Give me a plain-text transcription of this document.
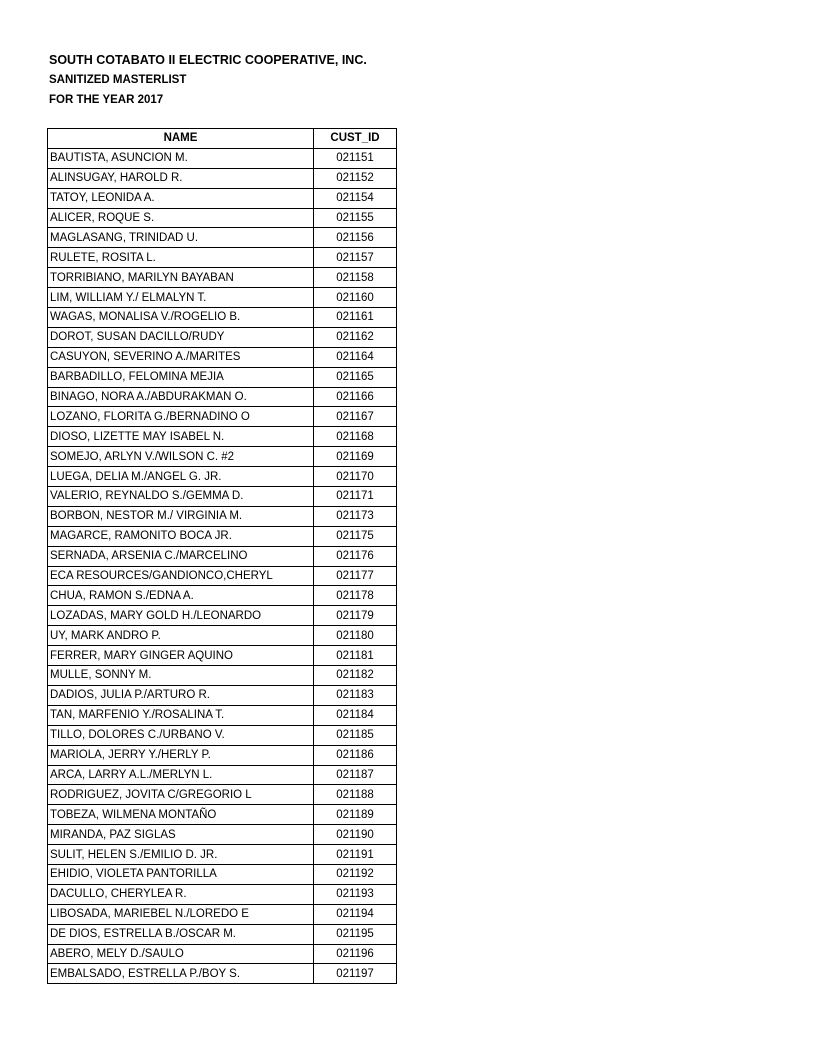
SOUTH COTABATO II ELECTRIC COOPERATIVE, INC.
SANITIZED MASTERLIST
FOR THE YEAR 2017
NAME	CUST_ID
BAUTISTA, ASUNCION M.	021151
ALINSUGAY, HAROLD R.	021152
TATOY, LEONIDA A.	021154
ALICER, ROQUE S.	021155
MAGLASANG, TRINIDAD U.	021156
RULETE, ROSITA L.	021157
TORRIBIANO, MARILYN BAYABAN	021158
LIM, WILLIAM Y./ ELMALYN T.	021160
WAGAS, MONALISA V./ROGELIO B.	021161
DOROT, SUSAN DACILLO/RUDY	021162
CASUYON, SEVERINO A./MARITES	021164
BARBADILLO, FELOMINA MEJIA	021165
BINAGO, NORA A./ABDURAKMAN O.	021166
LOZANO, FLORITA G./BERNADINO O	021167
DIOSO, LIZETTE MAY ISABEL N.	021168
SOMEJO, ARLYN V./WILSON C. #2	021169
LUEGA, DELIA M./ANGEL G. JR.	021170
VALERIO, REYNALDO S./GEMMA D.	021171
BORBON, NESTOR M./ VIRGINIA M.	021173
MAGARCE, RAMONITO BOCA JR.	021175
SERNADA, ARSENIA C./MARCELINO	021176
ECA RESOURCES/GANDIONCO,CHERYL	021177
CHUA, RAMON S./EDNA A.	021178
LOZADAS, MARY GOLD H./LEONARDO	021179
UY, MARK ANDRO P.	021180
FERRER, MARY GINGER AQUINO	021181
MULLE, SONNY M.	021182
DADIOS, JULIA P./ARTURO R.	021183
TAN, MARFENIO Y./ROSALINA T.	021184
TILLO, DOLORES C./URBANO V.	021185
MARIOLA, JERRY Y./HERLY P.	021186
ARCA, LARRY A.L./MERLYN L.	021187
RODRIGUEZ, JOVITA C/GREGORIO L	021188
TOBEZA, WILMENA MONTAÑO	021189
MIRANDA, PAZ SIGLAS	021190
SULIT, HELEN S./EMILIO D. JR.	021191
EHIDIO, VIOLETA PANTORILLA	021192
DACULLO, CHERYLEA R.	021193
LIBOSADA, MARIEBEL N./LOREDO E	021194
DE DIOS, ESTRELLA B./OSCAR M.	021195
ABERO, MELY D./SAULO	021196
EMBALSADO, ESTRELLA P./BOY S.	021197
